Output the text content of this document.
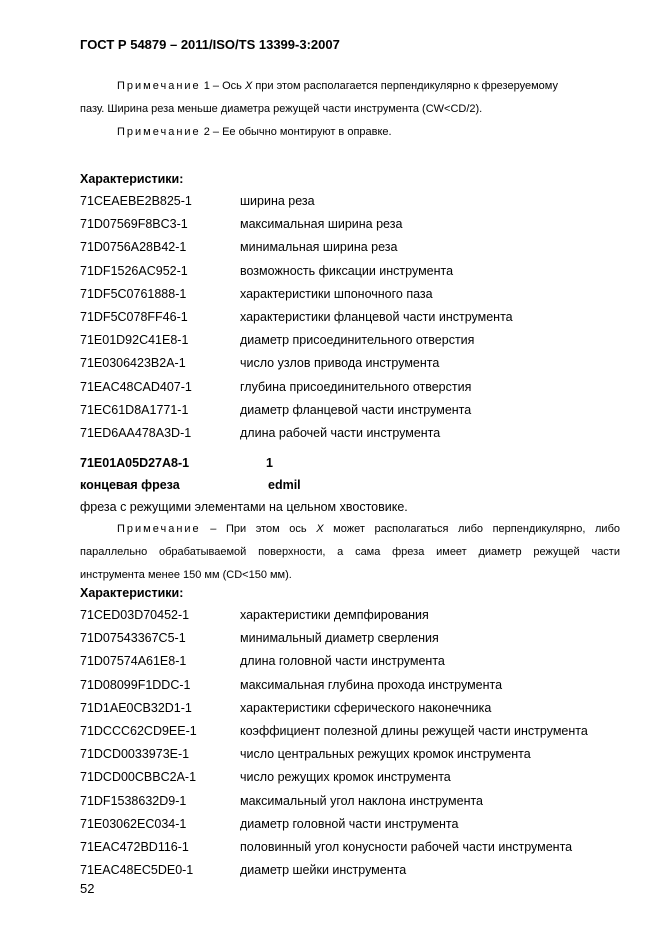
ГОСТ Р 54879 – 2011/ISO/TS 13399-3:2007
Примечание 1 – Ось X при этом располагается перпендикулярно к фрезеруемому
пазу. Ширина реза меньше диаметра режущей части инструмента (CW<CD/2).
Примечание 2 – Ее обычно монтируют в оправке.
Характеристики:
71CEAEBE2B825-1	ширина реза
71D07569F8BC3-1	максимальная ширина реза
71D0756A28B42-1	минимальная ширина реза
71DF1526AC952-1	возможность фиксации инструмента
71DF5C0761888-1	характеристики шпоночного паза
71DF5C078FF46-1	характеристики фланцевой части инструмента
71E01D92C41E8-1	диаметр присоединительного отверстия
71E0306423B2A-1	число узлов привода инструмента
71EAC48CAD407-1	глубина присоединительного отверстия
71EC61D8A1771-1	диаметр фланцевой части инструмента
71ED6AA478A3D-1	длина рабочей части инструмента
71E01A05D27A8-1	1
концевая фреза	edmil
фреза с режущими элементами на цельном хвостовике.
Примечание – При этом ось X может располагаться либо перпендикулярно, либо
параллельно обрабатываемой поверхности, а сама фреза имеет диаметр режущей части
инструмента менее 150 мм (CD<150 мм).
Характеристики:
71CED03D70452-1	характеристики демпфирования
71D07543367C5-1	минимальный диаметр сверления
71D07574A61E8-1	длина головной части инструмента
71D08099F1DDC-1	максимальная глубина прохода инструмента
71D1AE0CB32D1-1	характеристики сферического наконечника
71DCCC62CD9EE-1	коэффициент полезной длины режущей части инструмента
71DCD0033973E-1	число центральных режущих кромок инструмента
71DCD00CBBC2A-1	число режущих кромок инструмента
71DF1538632D9-1	максимальный угол наклона инструмента
71E03062EC034-1	диаметр головной части инструмента
71EAC472BD116-1	половинный угол конусности рабочей части инструмента
71EAC48EC5DE0-1	диаметр шейки инструмента
52
